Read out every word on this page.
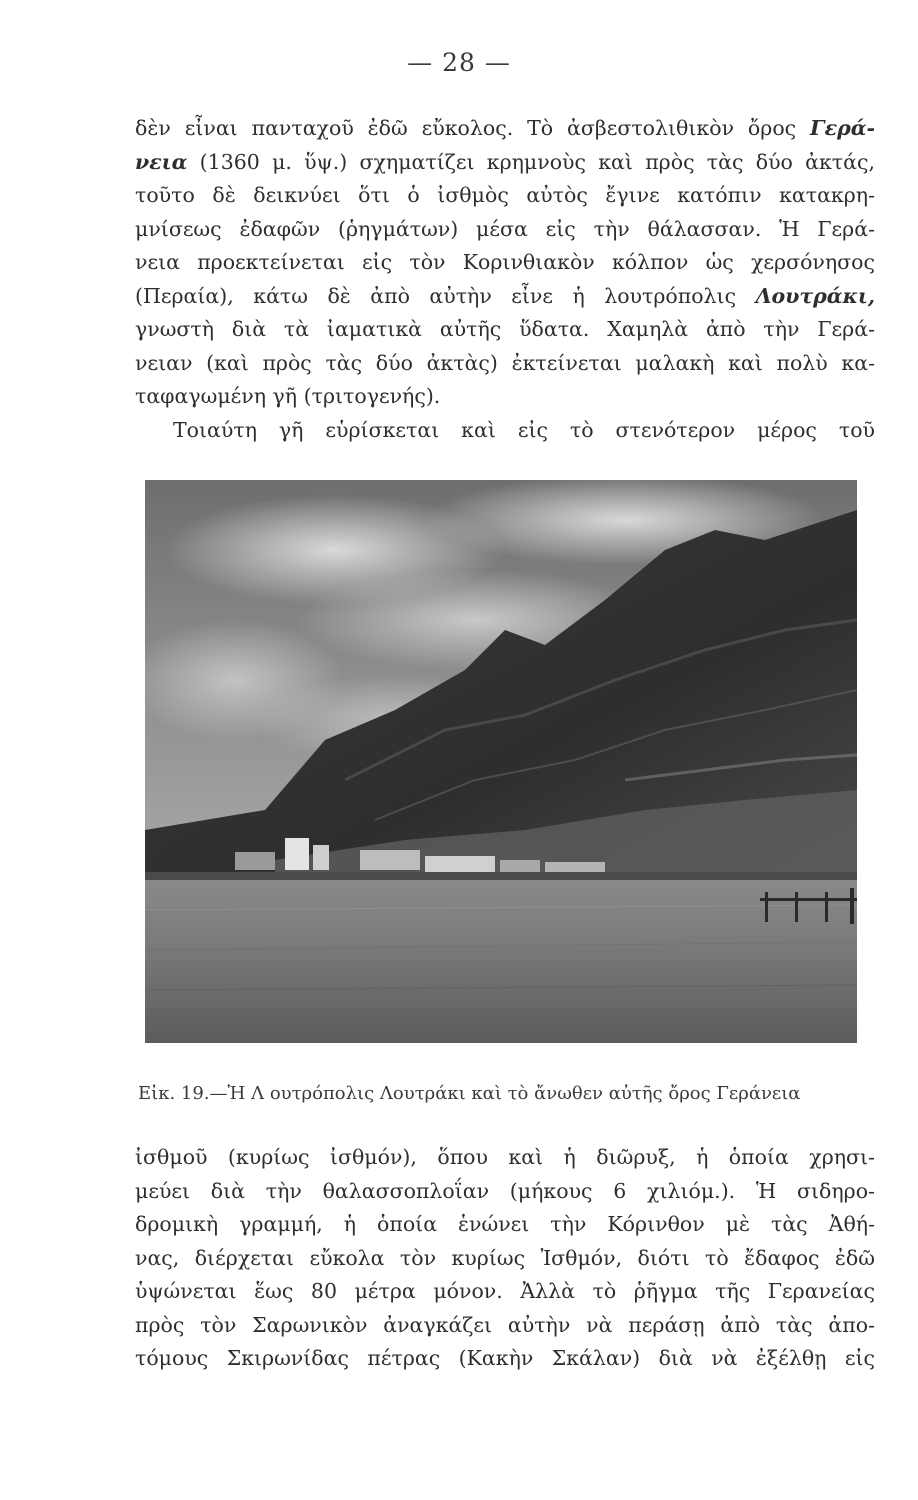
— 28 —
δὲν εἶναι πανταχοῦ ἐδῶ εὔκολος. Τὸ ἀσβεστολιθικὸν ὄρος Γερά-
νεια (1360 μ. ὕψ.) σχηματίζει κρημνοὺς καὶ πρὸς τὰς δύο ἀκτάς,
τοῦτο δὲ δεικνύει ὅτι ὁ ἰσθμὸς αὐτὸς ἔγινε κατόπιν κατακρη-
μνίσεως ἐδαφῶν (ῥηγμάτων) μέσα εἰς τὴν θάλασσαν. Ἡ Γερά-
νεια προεκτείνεται εἰς τὸν Κορινθιακὸν κόλπον ὡς χερσόνησος
(Περαία), κάτω δὲ ἀπὸ αὐτὴν εἶνε ἡ λουτρόπολις Λουτράκι,
γνωστὴ διὰ τὰ ἰαματικὰ αὐτῆς ὕδατα. Χαμηλὰ ἀπὸ τὴν Γερά-
νειαν (καὶ πρὸς τὰς δύο ἀκτὰς) ἐκτείνεται μαλακὴ καὶ πολὺ κα-
ταφαγωμένη γῆ (τριτογενής).
Τοιαύτη γῆ εὑρίσκεται καὶ εἰς τὸ στενότερον μέρος τοῦ
Εἰκ. 19.—Ἡ Λ ουτρόπολις Λουτράκι καὶ τὸ ἄνωθεν αὐτῆς ὄρος Γεράνεια
ἰσθμοῦ (κυρίως ἰσθμόν), ὅπου καὶ ἡ διῶρυξ, ἡ ὁποία χρησι-
μεύει διὰ τὴν θαλασσοπλοΐαν (μήκους 6 χιλιόμ.). Ἡ σιδηρο-
δρομικὴ γραμμή, ἡ ὁποία ἑνώνει τὴν Κόρινθον μὲ τὰς Ἀθή-
νας, διέρχεται εὔκολα τὸν κυρίως Ἰσθμόν, διότι τὸ ἔδαφος ἐδῶ
ὑψώνεται ἕως 80 μέτρα μόνον. Ἀλλὰ τὸ ῥῆγμα τῆς Γερανείας
πρὸς τὸν Σαρωνικὸν ἀναγκάζει αὐτὴν νὰ περάσῃ ἀπὸ τὰς ἀπο-
τόμους Σκιρωνίδας πέτρας (Κακὴν Σκάλαν) διὰ νὰ ἐξέλθῃ εἰς
